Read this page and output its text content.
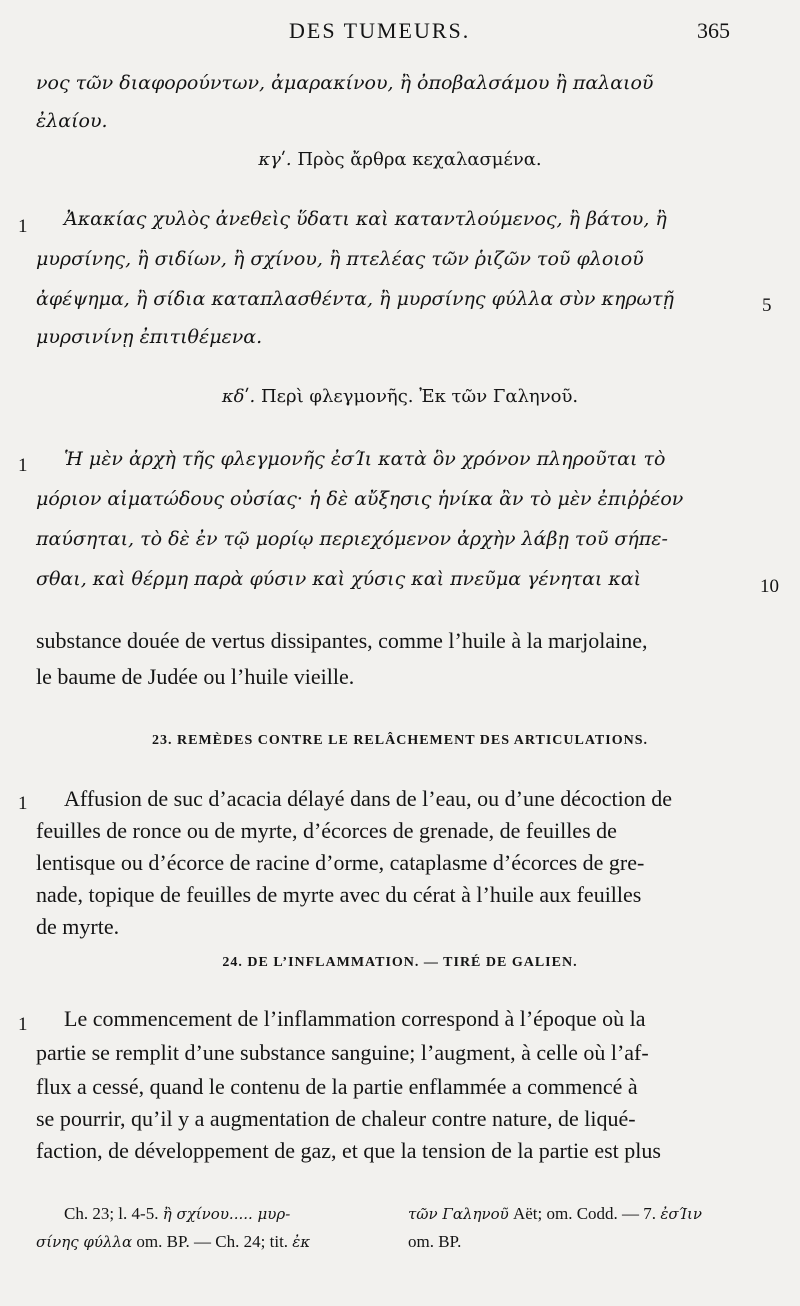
DES TUMEURS.	365
νος τῶν διαφορούντων, ἀμαρακίνου, ἢ ὀποβαλσάμου ἢ παλαιοῦ
ἐλαίου.
κγʹ. Πρὸς ἄρθρα κεχαλασμένα.
1 Ἀκακίας χυλὸς ἀνεθεὶς ὕδατι καὶ καταντλούμενος, ἢ βάτου, ἢ
μυρσίνης, ἢ σιδίων, ἢ σχίνου, ἢ πτελέας τῶν ῥιζῶν τοῦ φλοιοῦ
ἀφέψημα, ἢ σίδια καταπλασθέντα, ἢ μυρσίνης φύλλα σὺν κηρωτῇ	5
μυρσινίνῃ ἐπιτιθέμενα.
κδʹ. Περὶ φλεγμονῆς. Ἐκ τῶν Γαληνοῦ.
1 Ἡ μὲν ἀρχὴ τῆς φλεγμονῆς ἐσΊι κατὰ ὃν χρόνον πληροῦται τὸ
μόριον αἱματώδους οὐσίας· ἡ δὲ αὔξησις ἡνίκα ἂν τὸ μὲν ἐπιῤῥέον
παύσηται, τὸ δὲ ἐν τῷ μορίῳ περιεχόμενον ἀρχὴν λάβῃ τοῦ σήπε-
σθαι, καὶ θέρμη παρὰ φύσιν καὶ χύσις καὶ πνεῦμα γένηται καὶ	10
substance douée de vertus dissipantes, comme l’huile à la marjolaine,
le baume de Judée ou l’huile vieille.
23. REMÈDES CONTRE LE RELÂCHEMENT DES ARTICULATIONS.
1 Affusion de suc d’acacia délayé dans de l’eau, ou d’une décoction de
feuilles de ronce ou de myrte, d’écorces de grenade, de feuilles de
lentisque ou d’écorce de racine d’orme, cataplasme d’écorces de gre-
nade, topique de feuilles de myrte avec du cérat à l’huile aux feuilles
de myrte.
24. DE L’INFLAMMATION. — TIRÉ DE GALIEN.
1 Le commencement de l’inflammation correspond à l’époque où la
partie se remplit d’une substance sanguine; l’augment, à celle où l’af-
flux a cessé, quand le contenu de la partie enflammée a commencé à
se pourrir, qu’il y a augmentation de chaleur contre nature, de liqué-
faction, de développement de gaz, et que la tension de la partie est plus
Ch. 23; l. 4-5. ἢ σχίνου..... μυρ-
σίνης φύλλα om. BP. — Ch. 24; tit. ἐκ
τῶν Γαληνοῦ Aët; om. Codd. — 7. ἐσΊιν
om. BP.
